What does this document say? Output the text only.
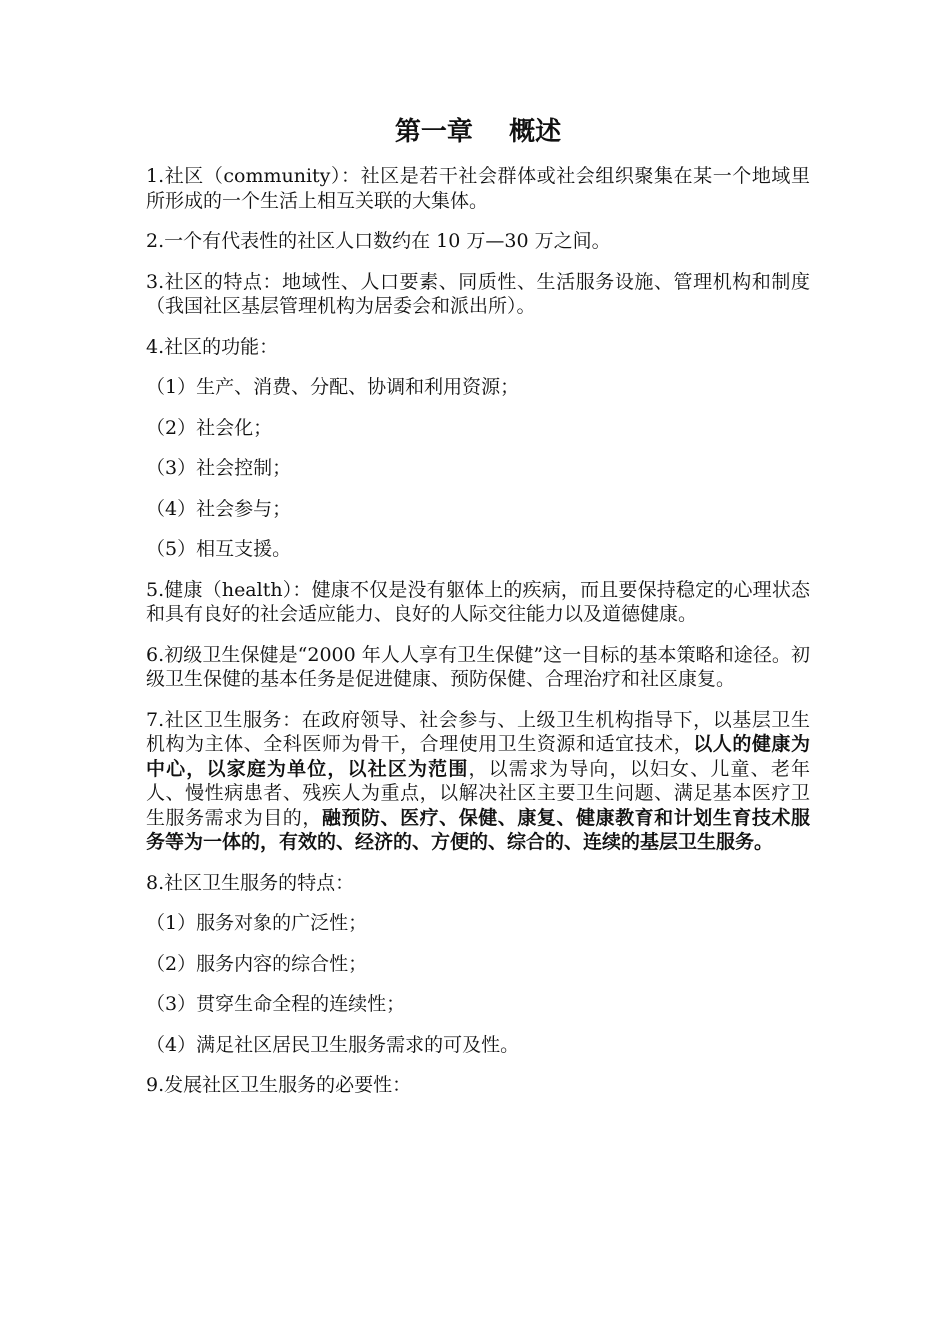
第一章    概述

1.社区（community）：社区是若干社会群体或社会组织聚集在某一个地域里所形成的一个生活上相互关联的大集体。

2.一个有代表性的社区人口数约在 10 万—30 万之间。

3.社区的特点：地域性、人口要素、同质性、生活服务设施、管理机构和制度（我国社区基层管理机构为居委会和派出所）。

4.社区的功能：

（1）生产、消费、分配、协调和利用资源；

（2）社会化；

（3）社会控制；

（4）社会参与；

（5）相互支援。

5.健康（health）：健康不仅是没有躯体上的疾病，而且要保持稳定的心理状态和具有良好的社会适应能力、良好的人际交往能力以及道德健康。

6.初级卫生保健是“2000 年人人享有卫生保健”这一目标的基本策略和途径。初级卫生保健的基本任务是促进健康、预防保健、合理治疗和社区康复。

7.社区卫生服务：在政府领导、社会参与、上级卫生机构指导下，以基层卫生机构为主体、全科医师为骨干，合理使用卫生资源和适宜技术，以人的健康为中心，以家庭为单位，以社区为范围，以需求为导向，以妇女、儿童、老年人、慢性病患者、残疾人为重点，以解决社区主要卫生问题、满足基本医疗卫生服务需求为目的，融预防、医疗、保健、康复、健康教育和计划生育技术服务等为一体的，有效的、经济的、方便的、综合的、连续的基层卫生服务。

8.社区卫生服务的特点：

（1）服务对象的广泛性；

（2）服务内容的综合性；

（3）贯穿生命全程的连续性；

（4）满足社区居民卫生服务需求的可及性。

9.发展社区卫生服务的必要性：
